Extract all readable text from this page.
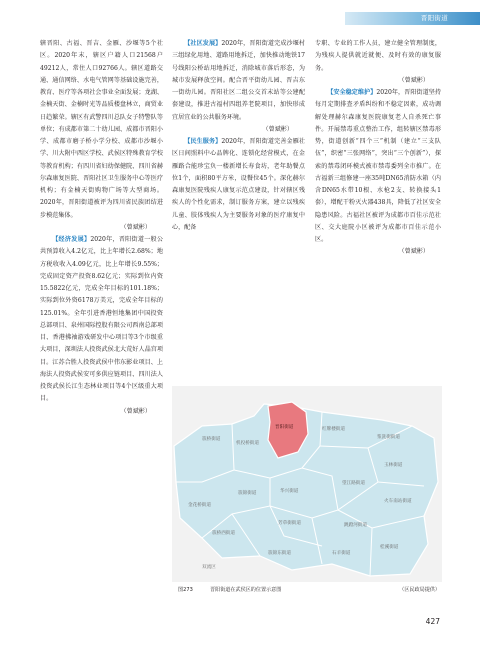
晋阳街道

辖晋阳、古福、晋吉、金雁、沙堰等5个社区。2020年末，辖区户籍人口21568户49212人，常住人口92766人。辖区道路交通、通信网络、水电气管网等基础设施完善，教育、医疗等各项社会事业全面发展；龙湖、金楠天街、金楠时光等品质楼盘林立，商贸业日趋繁荣。辖区有武警四川总队女子特警队等单位；有成都市第二十幼儿园、成都市晋阳小学、成都市磨子桥小学分校、成都市沙堰小学、川大附中西区学校、武侯区特殊教育学校等教育机构；有四川省妇幼保健院、四川省赫尔森康复医院、晋阳社区卫生服务中心等医疗机构；有金楠天街购物广场等大型商场。2020年，晋阳街道被评为四川省民族团结进步模范集体。

（曾斌彬）

【经济发展】2020年，晋阳街道一般公共预算收入4.2亿元，比上年增长2.68%；地方税收收入4.09亿元，比上年增长9.55%；完成固定资产投资8.62亿元；实际到位内资15.5822亿元，完成全年目标的101.18%；实际到位外资6178万美元，完成全年目标的125.01%。全年引进香港恒地集团中国投资总部项目、泉州国际控股有限公司西南总部项目、香港拂袖游戏研发中心项目等3个市级重大项目，深圳法人投资武侯北大荒好人晶宫项目。江苏合胜人投资武侯中伟东影业项目、上海法人投资武侯安可多供应链项目、四川法人投资武侯长江生态林业项目等4个区级重大项目。

（曾斌彬）

【社区发展】2020年，晋阳街道完成沙堰村三组绿化用地、道路用地拆迁，加快推动地铁17号线阳公桥站用地拆迁，消除城市落后形态，为城市发展释放空间。配合晋平街幼儿园、晋吉东一街幼儿园。晋阳社区二组公交首末站等公建配套建设，推进古福村四组养老院项目，加快形成宜居宜业的公共服务环境。

（曾斌彬）

【民生服务】2020年，晋阳街道完善金雁社区日间照料中心品牌化、连锁化经营模式，在金雁路合能珍宝负一楼新增长寿食坊，老年助餐点位1个，面积80平方米，设餐位45个。深化赫尔森康复医院残疾人康复示范点建设，针对辖区残疾人的个性化需求，制订服务方案，建立以残疾儿童、肢体残疾人为主要服务对象的医疗康复中心，配备

专职、专业的工作人员，建立健全管理制度，为残疾人提供就近就便、及时有效的康复服务。

（曾斌彬）

【安全稳定维护】2020年，晋阳街道坚持每月定期排查矛盾纠纷和不稳定因素，成功调解处理赫尔森康复医院康复老人自杀死亡事件。开展禁毒重点整治工作，组转辖区禁毒形势，街道创新“四个三”机制（建立“三支队伍”，织密“三张网络”，突出“三个创新”），探索的禁毒闭环模式被市禁毒委列全市推广。在古福新三组修建一座35吨DN65消防水箱（内含DN65水带10根、水枪2支、转换接头1套），增配干粉灭火器438具，降低了社区安全隐患风险。古福社区被评为成都市百佳示范社区、交大庭院小区被评为成都市百佳示范小区。

（曾斌彬）
簇桥街道
机投桥街道
晋阳街道	红牌楼街道
浆洗街街道
玉林街道
火车南站街道
望江路街道
簇锦街道	华兴街道
金花桥街道
簇桥西街道
芳草街街道	跳蹬河街道
桂溪街道
石羊街道
簇锦东街道
双流区
图273	晋阳街道在武侯区的位置示意图	（区民政局提供）
427
